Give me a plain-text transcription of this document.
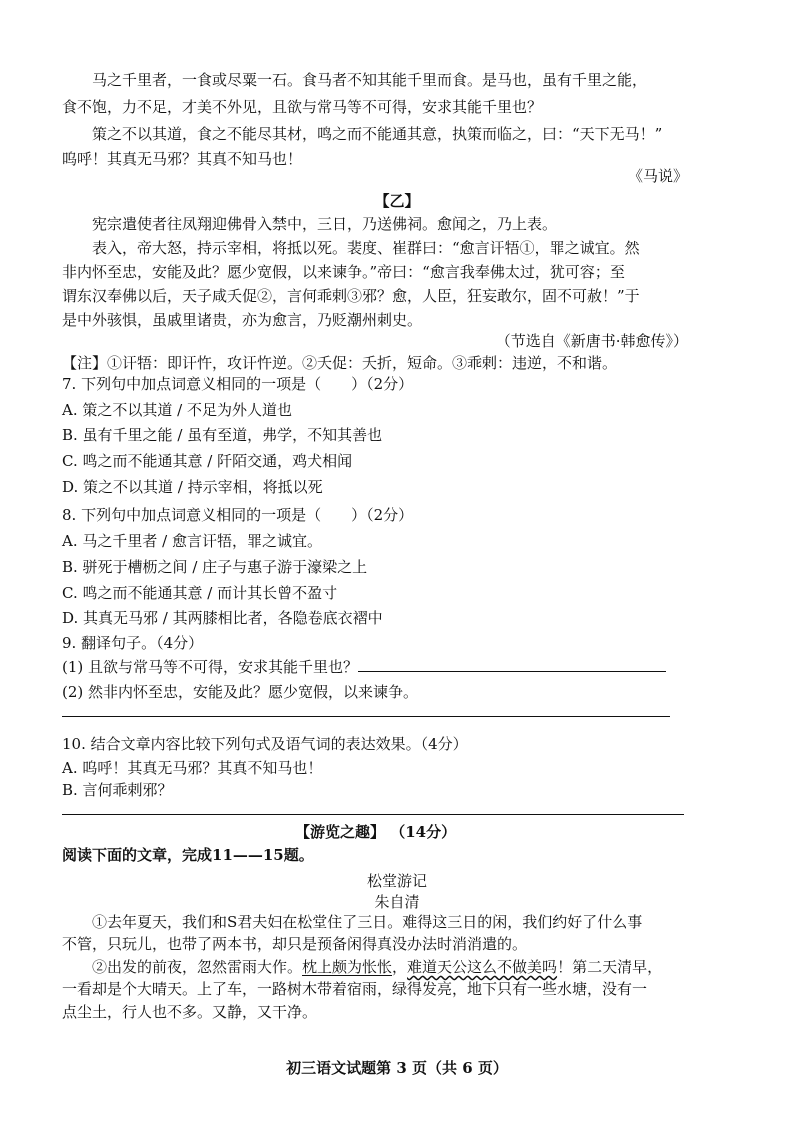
马之千里者，一食或尽粟一石。食马者不知其能千里而食。是马也，虽有千里之能，
食不饱，力不足，才美不外见，且欲与常马等不可得，安求其能千里也？
策之不以其道，食之不能尽其材，鸣之而不能通其意，执策而临之，曰：“天下无马！”
呜呼！其真无马邪？其真不知马也！
《马说》
【乙】
宪宗遣使者往凤翔迎佛骨入禁中，三日，乃送佛祠。愈闻之，乃上表。
表入，帝大怒，持示宰相，将抵以死。裴度、崔群曰：“愈言讦牾①，罪之诚宜。然
非内怀至忠，安能及此？愿少宽假，以来谏争。”帝曰：“愈言我奉佛太过，犹可容；至
谓东汉奉佛以后，天子咸夭促②，言何乖剌③邪？愈，人臣，狂妄敢尔，固不可赦！”于
是中外骇惧，虽戚里诸贵，亦为愈言，乃贬潮州刺史。
（节选自《新唐书·韩愈传》）
【注】①讦牾：即讦忤，攻讦忤逆。②夭促：夭折，短命。③乖剌：违逆，不和谐。
7. 下列句中加点词意义相同的一项是（　　）（2分）
A. 策之不以其道 / 不足为外人道也
B. 虽有千里之能 / 虽有至道，弗学，不知其善也
C. 鸣之而不能通其意 / 阡陌交通，鸡犬相闻
D. 策之不以其道 / 持示宰相，将抵以死
8. 下列句中加点词意义相同的一项是（　　）（2分）
A. 马之千里者 / 愈言讦牾，罪之诚宜。
B. 骈死于槽枥之间 / 庄子与惠子游于濠梁之上
C. 鸣之而不能通其意 / 而计其长曾不盈寸
D. 其真无马邪 / 其两膝相比者，各隐卷底衣褶中
9. 翻译句子。（4分）
(1) 且欲与常马等不可得，安求其能千里也？
(2) 然非内怀至忠，安能及此？愿少宽假，以来谏争。
10. 结合文章内容比较下列句式及语气词的表达效果。（4分）
A. 呜呼！其真无马邪？其真不知马也！
B. 言何乖剌邪？
【游览之趣】 （14分）
阅读下面的文章，完成11——15题。
松堂游记
朱自清
①去年夏天，我们和S君夫妇在松堂住了三日。难得这三日的闲，我们约好了什么事
不管，只玩儿，也带了两本书，却只是预备闲得真没办法时消消遣的。
②出发的前夜，忽然雷雨大作。枕上颇为怅怅，难道天公这么不做美吗！第二天清早，
一看却是个大晴天。上了车，一路树木带着宿雨，绿得发亮，地下只有一些水塘，没有一
点尘土，行人也不多。又静，又干净。
初三语文试题第 3 页（共 6 页）
